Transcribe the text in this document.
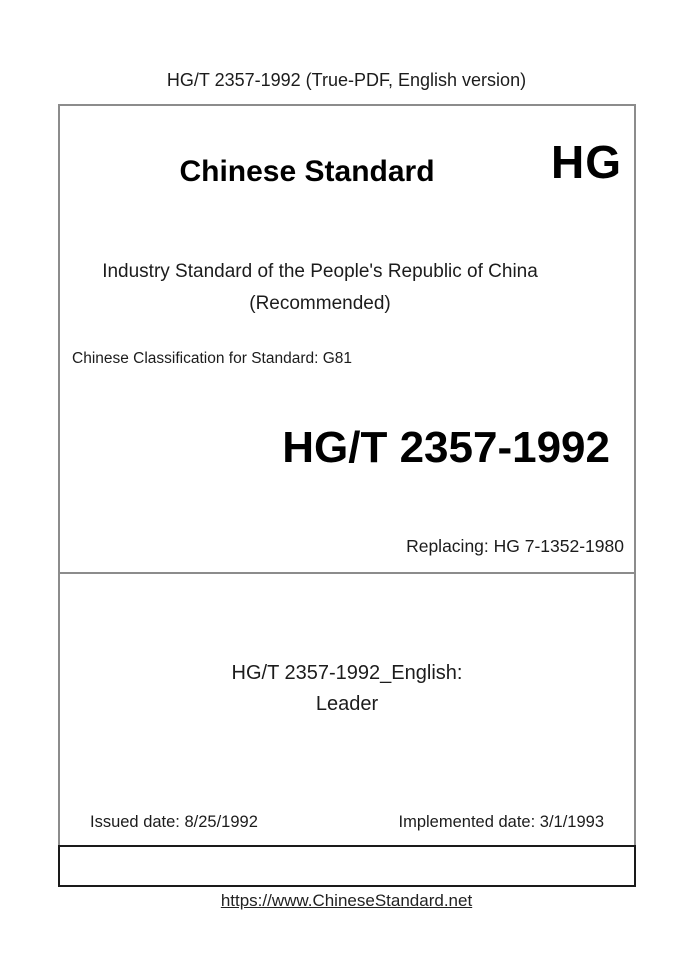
HG/T 2357-1992 (True-PDF, English version)
Chinese Standard	HG
Industry Standard of the People's Republic of China
(Recommended)
Chinese Classification for Standard: G81
HG/T 2357-1992
Replacing: HG 7-1352-1980
HG/T 2357-1992_English:
Leader
Issued date: 8/25/1992	Implemented date: 3/1/1993
https://www.ChineseStandard.net
